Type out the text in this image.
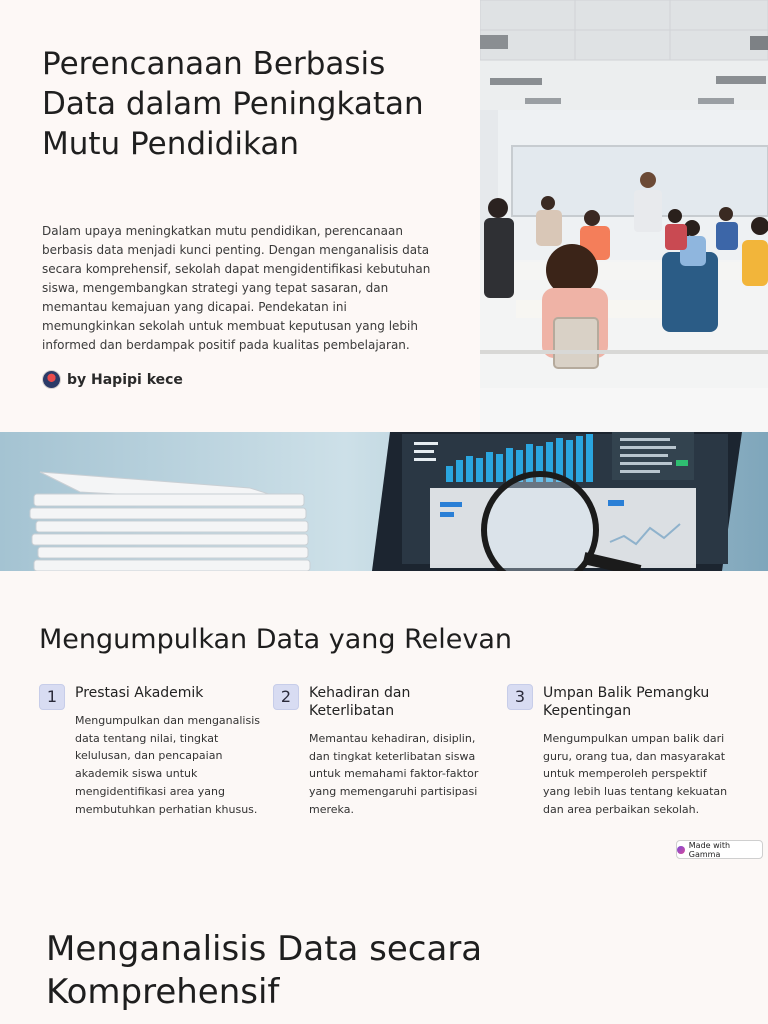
Perencanaan Berbasis Data dalam Peningkatan Mutu Pendidikan

Dalam upaya meningkatkan mutu pendidikan, perencanaan berbasis data menjadi kunci penting. Dengan menganalisis data secara komprehensif, sekolah dapat mengidentifikasi kebutuhan siswa, mengembangkan strategi yang tepat sasaran, dan memantau kemajuan yang dicapai. Pendekatan ini memungkinkan sekolah untuk membuat keputusan yang lebih informed dan berdampak positif pada kualitas pembelajaran.

by Hapipi kece
Mengumpulkan Data yang Relevan
1	Prestasi Akademik
Mengumpulkan dan menganalisis data tentang nilai, tingkat kelulusan, dan pencapaian akademik siswa untuk mengidentifikasi area yang membutuhkan perhatian khusus.
2	Kehadiran dan Keterlibatan
Memantau kehadiran, disiplin, dan tingkat keterlibatan siswa untuk memahami faktor-faktor yang memengaruhi partisipasi mereka.
3	Umpan Balik Pemangku Kepentingan
Mengumpulkan umpan balik dari guru, orang tua, dan masyarakat untuk memperoleh perspektif yang lebih luas tentang kekuatan dan area perbaikan sekolah.
Made with Gamma
Menganalisis Data secara Komprehensif
